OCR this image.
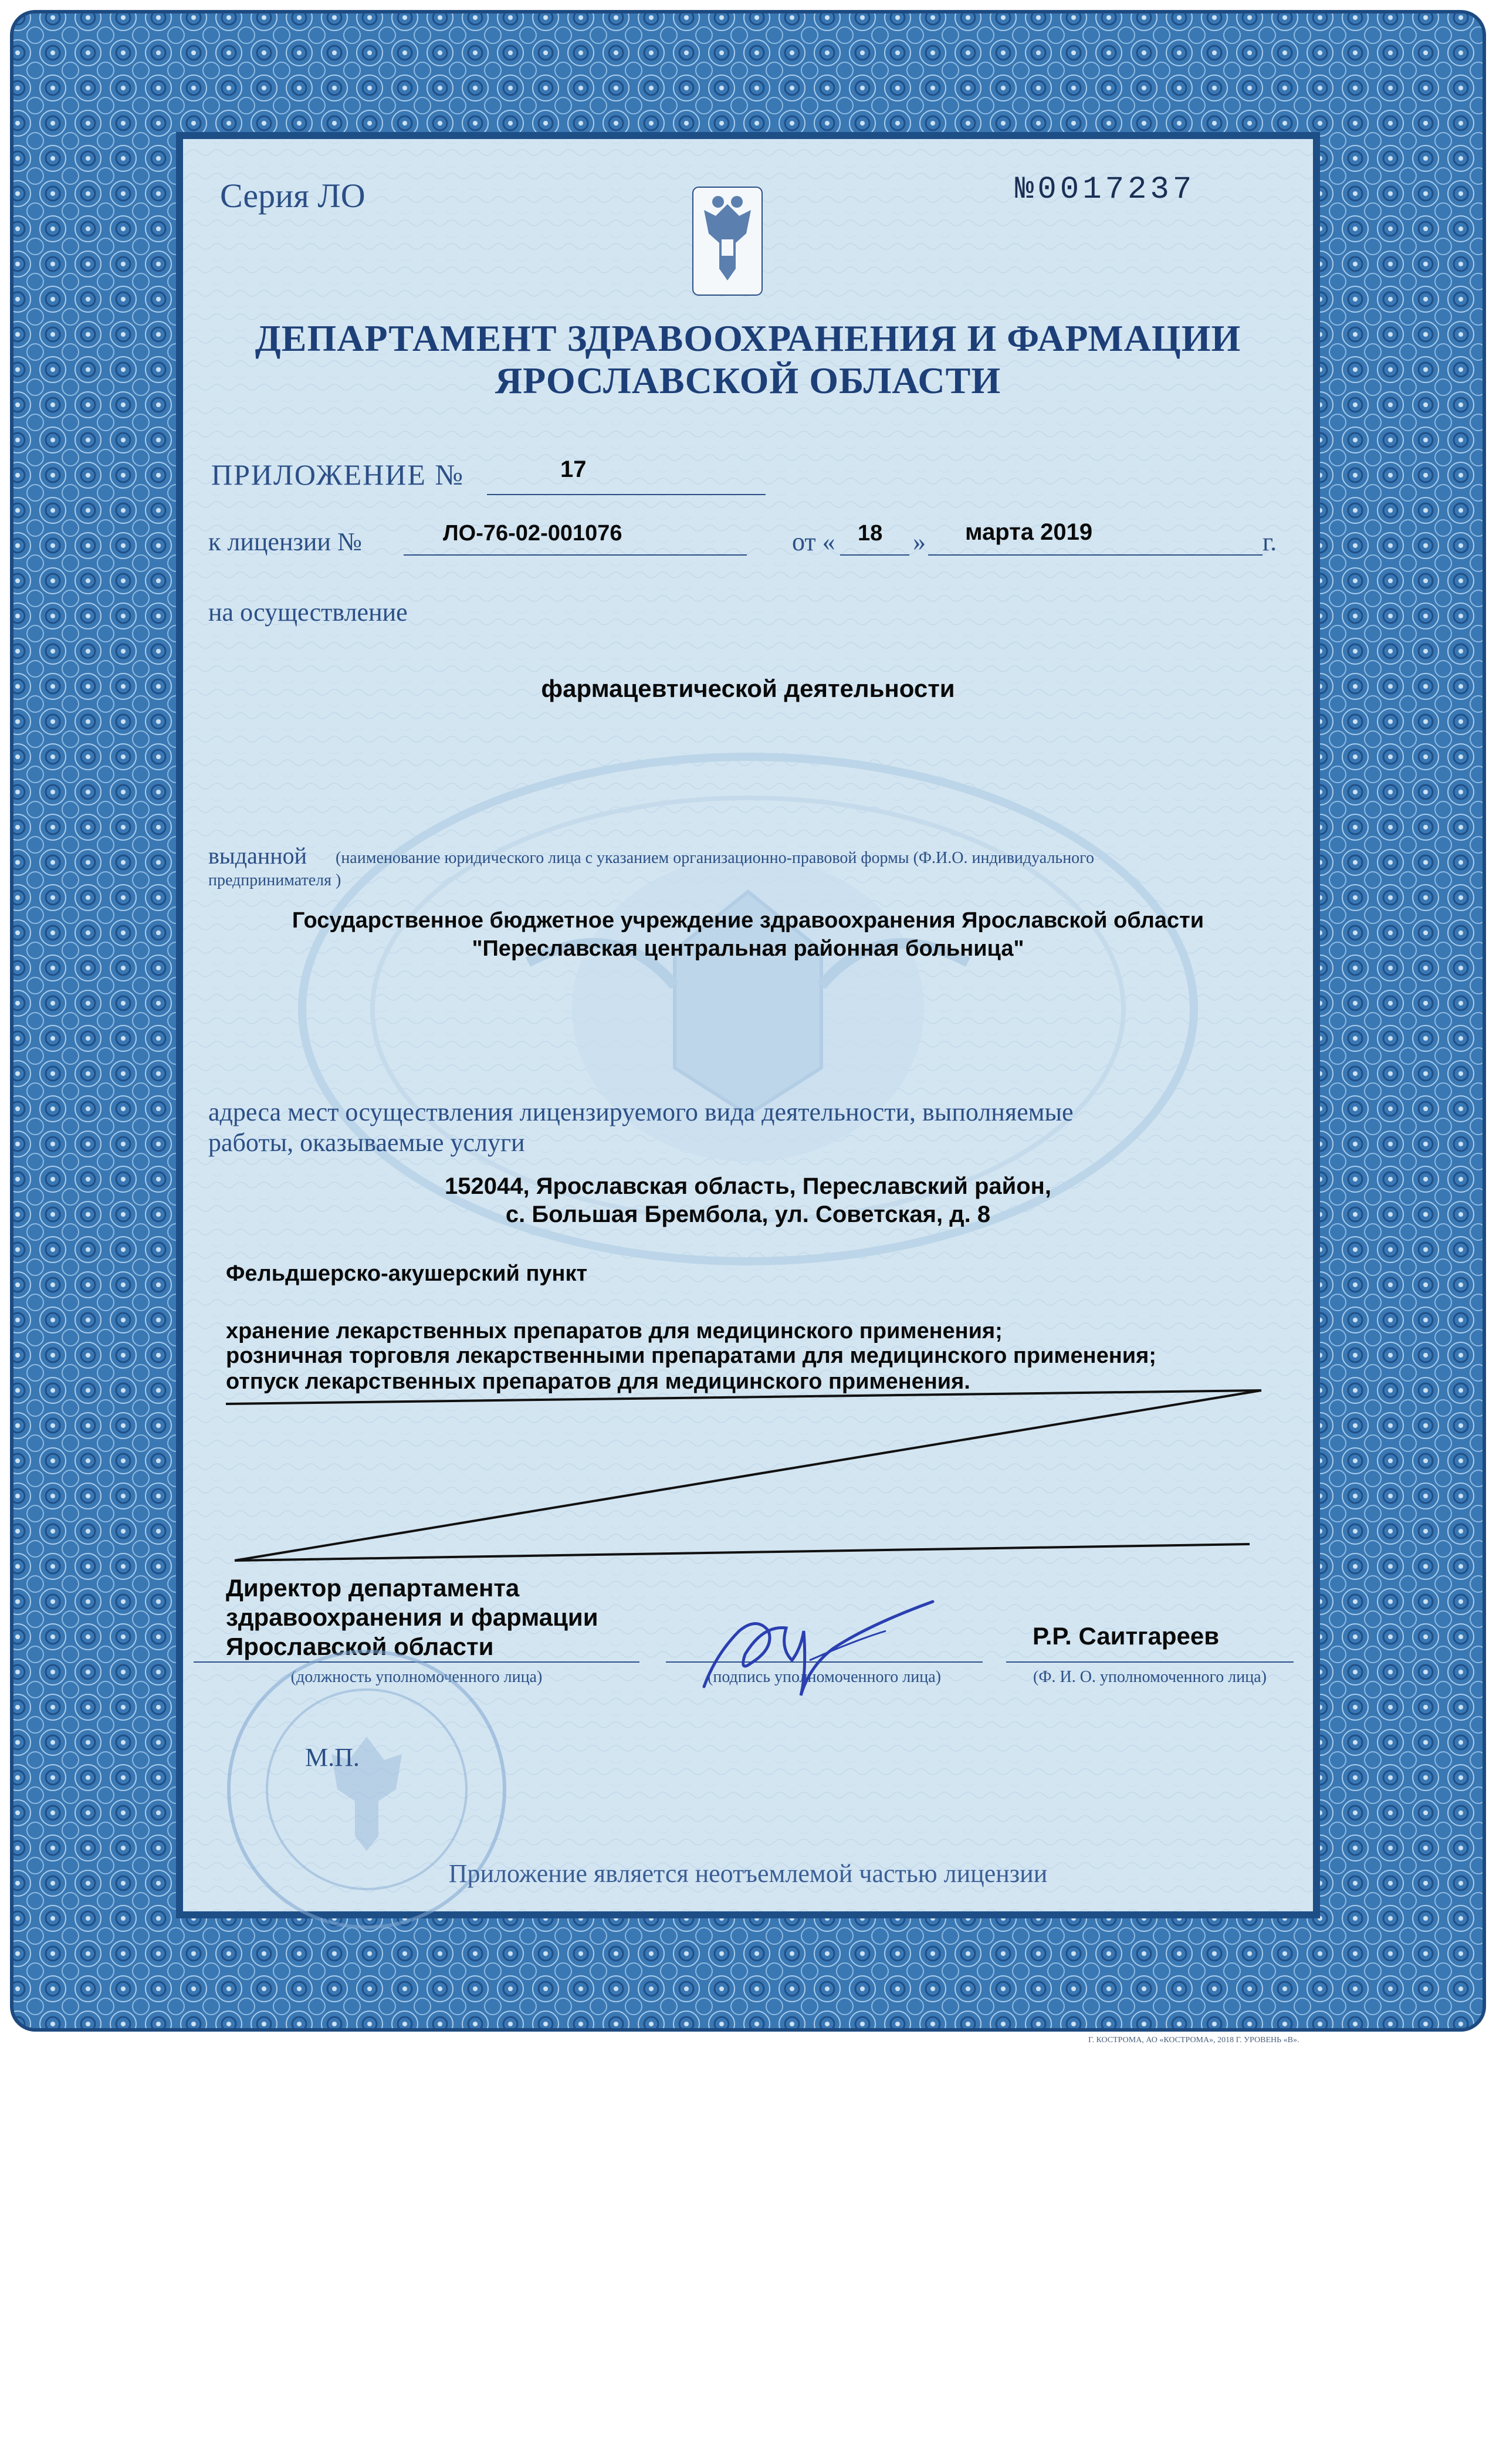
Серия ЛО	№0017237
ДЕПАРТАМЕНТ ЗДРАВООХРАНЕНИЯ И ФАРМАЦИИ
ЯРОСЛАВСКОЙ ОБЛАСТИ
ПРИЛОЖЕНИЕ №	17
к лицензии №	ЛО-76-02-001076	от « 18 » марта 2019	г.
на осуществление
фармацевтической деятельности
выданной (наименование юридического лица с указанием организационно-правовой формы (Ф.И.О. индивидуального
предпринимателя )
Государственное бюджетное учреждение здравоохранения Ярославской области
"Переславская центральная районная больница"
адреса мест осуществления лицензируемого вида деятельности, выполняемые
работы, оказываемые услуги
152044, Ярославская область, Переславский район,
с. Большая Брембола, ул. Советская, д. 8
Фельдшерско-акушерский пункт
хранение лекарственных препаратов для медицинского применения;
розничная торговля лекарственными препаратами для медицинского применения;
отпуск лекарственных препаратов для медицинского применения.
Директор департамента
здравоохранения и фармации
Ярославской области
(должность уполномоченного лица)	(подпись уполномоченного лица)
Р.Р. Саитгареев
(Ф. И. О. уполномоченного лица)
М.П.
Приложение является неотъемлемой частью лицензии
Г. КОСТРОМА, АО «КОСТРОМА», 2018 Г. УРОВЕНЬ «В».
